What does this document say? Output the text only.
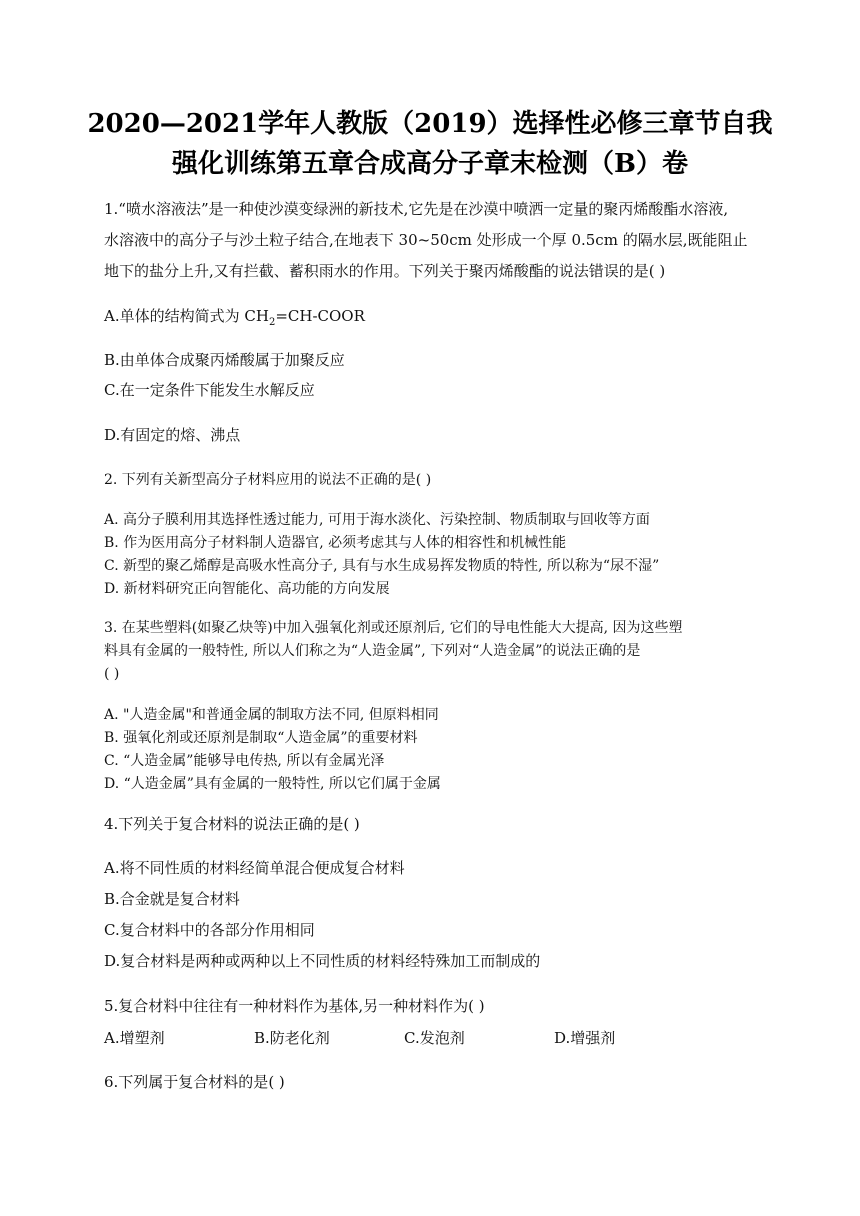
2020—2021学年人教版（2019）选择性必修三章节自我
强化训练第五章合成高分子章末检测（B）卷
1.“喷水溶液法”是一种使沙漠变绿洲的新技术,它先是在沙漠中喷洒一定量的聚丙烯酸酯水溶液,
水溶液中的高分子与沙土粒子结合,在地表下 30~50cm 处形成一个厚 0.5cm 的隔水层,既能阻止
地下的盐分上升,又有拦截、蓄积雨水的作用。下列关于聚丙烯酸酯的说法错误的是( )
A.单体的结构简式为 $CH_2=CH$-COOR
B.由单体合成聚丙烯酸属于加聚反应
C.在一定条件下能发生水解反应
D.有固定的熔、沸点
2. 下列有关新型高分子材料应用的说法不正确的是( )
A. 高分子膜利用其选择性透过能力, 可用于海水淡化、污染控制、物质制取与回收等方面
B. 作为医用高分子材料制人造器官, 必须考虑其与人体的相容性和机械性能
C. 新型的聚乙烯醇是高吸水性高分子, 具有与水生成易挥发物质的特性, 所以称为“尿不湿”
D. 新材料研究正向智能化、高功能的方向发展
3. 在某些塑料(如聚乙炔等)中加入强氧化剂或还原剂后, 它们的导电性能大大提高, 因为这些塑
料具有金属的一般特性, 所以人们称之为“人造金属”, 下列对“人造金属”的说法正确的是
( )
A. "人造金属"和普通金属的制取方法不同, 但原料相同
B. 强氧化剂或还原剂是制取“人造金属”的重要材料
C. “人造金属”能够导电传热, 所以有金属光泽
D. “人造金属”具有金属的一般特性, 所以它们属于金属
4.下列关于复合材料的说法正确的是( )
A.将不同性质的材料经简单混合便成复合材料
B.合金就是复合材料
C.复合材料中的各部分作用相同
D.复合材料是两种或两种以上不同性质的材料经特殊加工而制成的
5.复合材料中往往有一种材料作为基体,另一种材料作为( )
A.增塑剂	B.防老化剂	C.发泡剂	D.增强剂
6.下列属于复合材料的是( )
